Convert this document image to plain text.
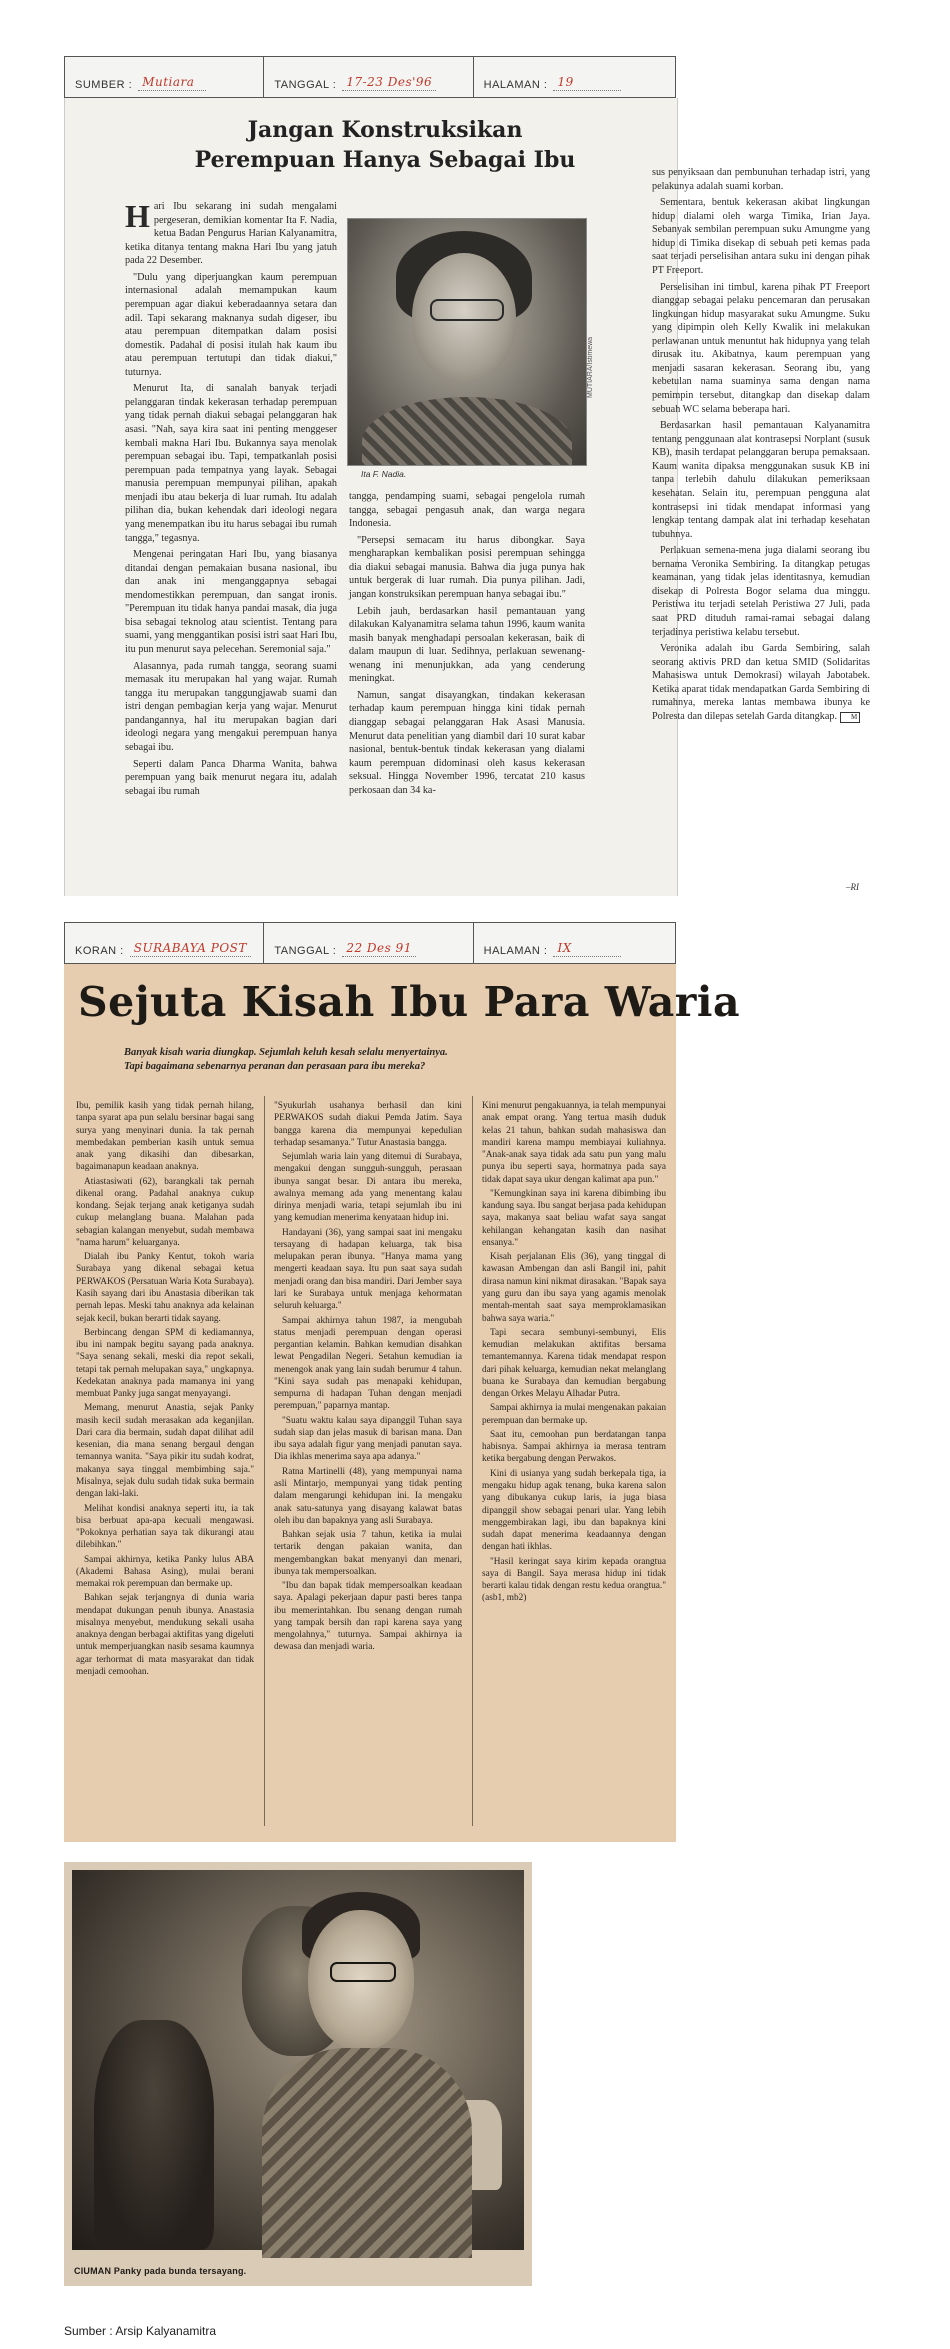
SUMBER : Mutiara	TANGGAL : 17-23 Des'96	HALAMAN : 19
Jangan Konstruksikan
Perempuan Hanya Sebagai Ibu

Hari Ibu sekarang ini sudah mengalami pergeseran, demikian komentar Ita F. Nadia, ketua Badan Pengurus Harian Kalyanamitra, ketika ditanya tentang makna Hari Ibu yang jatuh pada 22 Desember.

"Dulu yang diperjuangkan kaum perempuan internasional adalah memampukan kaum perempuan agar diakui keberadaannya setara dan adil. Tapi sekarang maknanya sudah digeser, ibu atau perempuan ditempatkan dalam posisi domestik. Padahal di posisi itulah hak kaum ibu atau perempuan tertutupi dan tidak diakui," tuturnya.

Menurut Ita, di sanalah banyak terjadi pelanggaran tindak kekerasan terhadap perempuan yang tidak pernah diakui sebagai pelanggaran hak asasi. "Nah, saya kira saat ini penting menggeser kembali makna Hari Ibu. Bukannya saya menolak perempuan sebagai ibu. Tapi, tempatkanlah posisi perempuan pada tempatnya yang layak. Sebagai manusia perempuan mempunyai pilihan, apakah menjadi ibu atau bekerja di luar rumah. Itu adalah pilihan dia, bukan kehendak dari ideologi negara yang menempatkan ibu itu harus sebagai ibu rumah tangga," tegasnya.

Mengenai peringatan Hari Ibu, yang biasanya ditandai dengan pemakaian busana nasional, ibu dan anak ini menganggapnya sebagai mendomestikkan perempuan, dan sangat ironis. "Perempuan itu tidak hanya pandai masak, dia juga bisa sebagai teknolog atau scientist. Tentang para suami, yang menggantikan posisi istri saat Hari Ibu, itu pun menurut saya pelecehan. Seremonial saja."

Alasannya, pada rumah tangga, seorang suami memasak itu merupakan hal yang wajar. Rumah tangga itu merupakan tanggungjawab suami dan istri dengan pembagian kerja yang wajar. Menurut pandangannya, hal itu merupakan bagian dari ideologi negara yang mengakui perempuan hanya sebagai ibu.

Seperti dalam Panca Dharma Wanita, bahwa perempuan yang baik menurut negara itu, adalah sebagai ibu rumah

MUTIARA/Istimewa
Ita F. Nadia.

tangga, pendamping suami, sebagai pengelola rumah tangga, sebagai pengasuh anak, dan warga negara Indonesia.

"Persepsi semacam itu harus dibongkar. Saya mengharapkan kembalikan posisi perempuan sehingga dia diakui sebagai manusia. Bahwa dia juga punya hak untuk bergerak di luar rumah. Dia punya pilihan. Jadi, jangan konstruksikan perempuan hanya sebagai ibu."

Lebih jauh, berdasarkan hasil pemantauan yang dilakukan Kalyanamitra selama tahun 1996, kaum wanita masih banyak menghadapi persoalan kekerasan, baik di dalam maupun di luar. Sedihnya, perlakuan sewenang-wenang ini menunjukkan, ada yang cenderung meningkat.

Namun, sangat disayangkan, tindakan kekerasan terhadap kaum perempuan hingga kini tidak pernah dianggap sebagai pelanggaran Hak Asasi Manusia. Menurut data penelitian yang diambil dari 10 surat kabar nasional, bentuk-bentuk tindak kekerasan yang dialami kaum perempuan didominasi oleh kasus kekerasan seksual. Hingga November 1996, tercatat 210 kasus perkosaan dan 34 ka-

sus penyiksaan dan pembunuhan terhadap istri, yang pelakunya adalah suami korban.

Sementara, bentuk kekerasan akibat lingkungan hidup dialami oleh warga Timika, Irian Jaya. Sebanyak sembilan perempuan suku Amungme yang hidup di Timika disekap di sebuah peti kemas pada saat terjadi perselisihan antara suku ini dengan pihak PT Freeport.

Perselisihan ini timbul, karena pihak PT Freeport dianggap sebagai pelaku pencemaran dan perusakan lingkungan hidup masyarakat suku Amungme. Suku yang dipimpin oleh Kelly Kwalik ini melakukan perlawanan untuk menuntut hak hidupnya yang telah dirusak itu. Akibatnya, kaum perempuan yang menjadi sasaran kekerasan. Seorang ibu, yang kebetulan nama suaminya sama dengan nama pemimpin tersebut, ditangkap dan disekap dalam sebuah WC selama beberapa hari.

Berdasarkan hasil pemantauan Kalyanamitra tentang penggunaan alat kontrasepsi Norplant (susuk KB), masih terdapat pelanggaran berupa pemaksaan. Kaum wanita dipaksa menggunakan susuk KB ini tanpa terlebih dahulu dilakukan pemeriksaan kesehatan. Selain itu, perempuan pengguna alat kontrasepsi ini tidak mendapat informasi yang lengkap tentang dampak alat ini terhadap kesehatan tubuhnya.

Perlakuan semena-mena juga dialami seorang ibu bernama Veronika Sembiring. Ia ditangkap petugas keamanan, yang tidak jelas identitasnya, kemudian disekap di Polresta Bogor selama dua minggu. Peristiwa itu terjadi setelah Peristiwa 27 Juli, pada saat PRD dituduh ramai-ramai sebagai dalang terjadinya peristiwa kelabu tersebut.

Veronika adalah ibu Garda Sembiring, salah seorang aktivis PRD dan ketua SMID (Solidaritas Mahasiswa untuk Demokrasi) wilayah Jabotabek. Ketika aparat tidak mendapatkan Garda Sembiring di rumahnya, mereka lantas membawa ibunya ke Polresta dan dilepas setelah Garda ditangkap. M

–RI
KORAN : SURABAYA POST	TANGGAL : 22 Des 91	HALAMAN : IX
Sejuta Kisah Ibu Para Waria
Banyak kisah waria diungkap. Sejumlah keluh kesah selalu menyertainya. Tapi bagaimana sebenarnya peranan dan perasaan para ibu mereka?

Ibu, pemilik kasih yang tidak pernah hilang, tanpa syarat apa pun selalu bersinar bagai sang surya yang menyinari dunia. Ia tak pernah membedakan pemberian kasih untuk semua anak yang dikasihi dan dibesarkan, bagaimanapun keadaan anaknya.

Atiastasiwati (62), barangkali tak pernah dikenal orang. Padahal anaknya cukup kondang. Sejak terjang anak ketiganya sudah cukup melanglang buana. Malahan pada sebagian kalangan menyebut, sudah membawa "nama harum" keluarganya.

Dialah ibu Panky Kentut, tokoh waria Surabaya yang dikenal sebagai ketua PERWAKOS (Persatuan Waria Kota Surabaya). Kasih sayang dari ibu Anastasia diberikan tak pernah lepas. Meski tahu anaknya ada kelainan sejak kecil, bukan berarti tidak sayang.

Berbincang dengan SPM di kediamannya, ibu ini nampak begitu sayang pada anaknya. "Saya senang sekali, meski dia repot sekali, tetapi tak pernah melupakan saya," ungkapnya. Kedekatan anaknya pada mamanya ini yang membuat Panky juga sangat menyayangi.

Memang, menurut Anastia, sejak Panky masih kecil sudah merasakan ada keganjilan. Dari cara dia bermain, sudah dapat dilihat adil kesenian, dia mana senang bergaul dengan temannya wanita. "Saya pikir itu sudah kodrat, makanya saya tinggal membimbing saja." Misalnya, sejak dulu sudah tidak suka bermain dengan laki-laki.

Melihat kondisi anaknya seperti itu, ia tak bisa berbuat apa-apa kecuali mengawasi. "Pokoknya perhatian saya tak dikurangi atau dilebihkan."

Sampai akhirnya, ketika Panky lulus ABA (Akademi Bahasa Asing), mulai berani memakai rok perempuan dan bermake up.

Bahkan sejak terjangnya di dunia waria mendapat dukungan penuh ibunya. Anastasia misalnya menyebut, mendukung sekali usaha anaknya dengan berbagai aktifitas yang digeluti untuk memperjuangkan nasib sesama kaumnya agar terhormat di mata masyarakat dan tidak menjadi cemoohan.

"Syukurlah usahanya berhasil dan kini PERWAKOS sudah diakui Pemda Jatim. Saya bangga karena dia mempunyai kepedulian terhadap sesamanya." Tutur Anastasia bangga.

Sejumlah waria lain yang ditemui di Surabaya, mengakui dengan sungguh-sungguh, perasaan ibunya sangat besar. Di antara ibu mereka, awalnya memang ada yang menentang kalau dirinya menjadi waria, tetapi sejumlah ibu ini yang kemudian menerima kenyataan hidup ini.

Handayani (36), yang sampai saat ini mengaku tersayang di hadapan keluarga, tak bisa melupakan peran ibunya. "Hanya mama yang mengerti keadaan saya. Itu pun saat saya sudah menjadi orang dan bisa mandiri. Dari Jember saya lari ke Surabaya untuk menjaga kehormatan seluruh keluarga."

Sampai akhirnya tahun 1987, ia mengubah status menjadi perempuan dengan operasi pergantian kelamin. Bahkan kemudian disahkan lewat Pengadilan Negeri. Setahun kemudian ia menengok anak yang lain sudah berumur 4 tahun. "Kini saya sudah pas menapaki kehidupan, sempurna di hadapan Tuhan dengan menjadi perempuan," paparnya mantap.

"Suatu waktu kalau saya dipanggil Tuhan saya sudah siap dan jelas masuk di barisan mana. Dan ibu saya adalah figur yang menjadi panutan saya. Dia ikhlas menerima saya apa adanya."

Ratna Martinelli (48), yang mempunyai nama asli Mintarjo, mempunyai yang tidak penting dalam mengarungi kehidupan ini. Ia mengaku anak satu-satunya yang disayang kalawat batas oleh ibu dan bapaknya yang asli Surabaya.

Bahkan sejak usia 7 tahun, ketika ia mulai tertarik dengan pakaian wanita, dan mengembangkan bakat menyanyi dan menari, ibunya tak mempersoalkan.

"Ibu dan bapak tidak mempersoalkan keadaan saya. Apalagi pekerjaan dapur pasti beres tanpa ibu memerintahkan. Ibu senang dengan rumah yang tampak bersih dan rapi karena saya yang mengolahnya," tuturnya. Sampai akhirnya ia dewasa dan menjadi waria.

Kini menurut pengakuannya, ia telah mempunyai anak empat orang. Yang tertua masih duduk kelas 21 tahun, bahkan sudah mahasiswa dan mandiri karena mampu membiayai kuliahnya. "Anak-anak saya tidak ada satu pun yang malu punya ibu seperti saya, hormatnya pada saya tidak dapat saya ukur dengan kalimat apa pun."

"Kemungkinan saya ini karena dibimbing ibu kandung saya. Ibu sangat berjasa pada kehidupan saya, makanya saat beliau wafat saya sangat kehilangan kehangatan kasih dan nasihat ensanya."

Kisah perjalanan Elis (36), yang tinggal di kawasan Ambengan dan asli Bangil ini, pahit dirasa namun kini nikmat dirasakan. "Bapak saya yang guru dan ibu saya yang agamis menolak mentah-mentah saat saya memproklamasikan bahwa saya waria."

Tapi secara sembunyi-sembunyi, Elis kemudian melakukan aktifitas bersama temantemannya. Karena tidak mendapat respon dari pihak keluarga, kemudian nekat melanglang buana ke Surabaya dan kemudian bergabung dengan Orkes Melayu Alhadar Putra.

Sampai akhirnya ia mulai mengenakan pakaian perempuan dan bermake up.

Saat itu, cemoohan pun berdatangan tanpa habisnya. Sampai akhirnya ia merasa tentram ketika bergabung dengan Perwakos.

Kini di usianya yang sudah berkepala tiga, ia mengaku hidup agak tenang, buka karena salon yang dibukanya cukup laris, ia juga biasa dipanggil show sebagai penari ular. Yang lebih menggembirakan lagi, ibu dan bapaknya kini sudah dapat menerima keadaannya dengan dengan hati ikhlas.

"Hasil keringat saya kirim kepada orangtua saya di Bangil. Saya merasa hidup ini tidak berarti kalau tidak dengan restu kedua orangtua." (asb1, mb2)

CIUMAN Panky pada bunda tersayang.
Sumber : Arsip Kalyanamitra
